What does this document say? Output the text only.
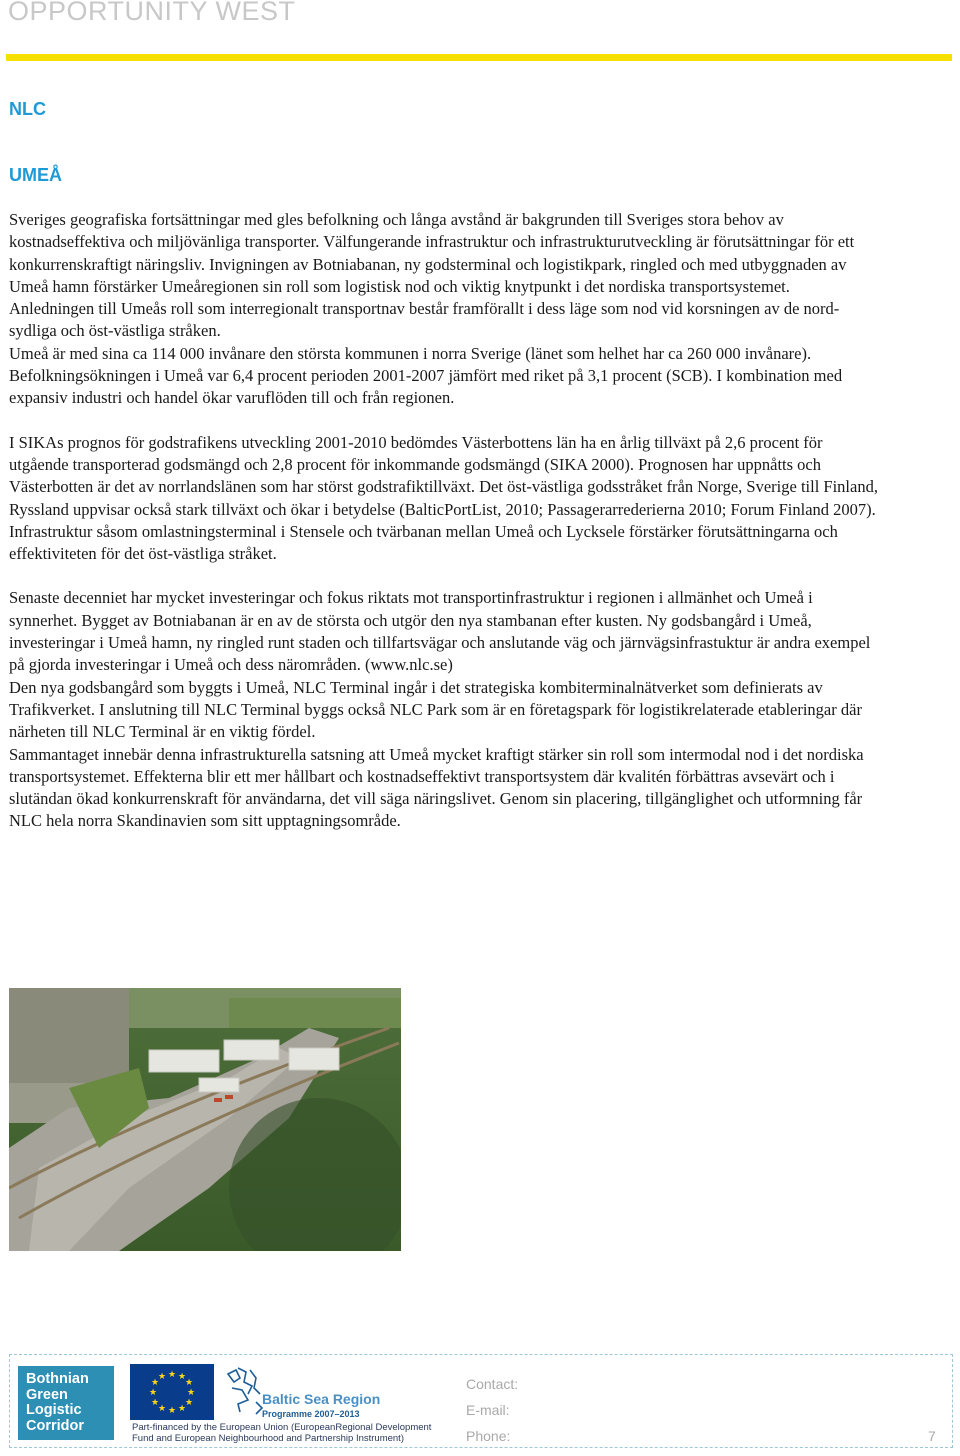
OPPORTUNITY WEST
NLC
UMEÅ

Sveriges geografiska fortsättningar med gles befolkning och långa avstånd är bakgrunden till Sveriges stora behov av kostnadseffektiva och miljövänliga transporter. Välfungerande infrastruktur och infrastrukturutveckling är förutsättningar för ett konkurrenskraftigt näringsliv. Invigningen av Botniabanan, ny godsterminal och logistikpark, ringled och med utbyggnaden av Umeå hamn förstärker Umeåregionen sin roll som logistisk nod och viktig knytpunkt i det nordiska transportsystemet.

Anledningen till Umeås roll som interregionalt transportnav består framförallt i dess läge som nod vid korsningen av de nord-sydliga och öst-västliga stråken.

Umeå är med sina ca 114 000 invånare den största kommunen i norra Sverige (länet som helhet har ca 260 000 invånare). Befolkningsökningen i Umeå var 6,4 procent perioden 2001-2007 jämfört med riket på 3,1 procent (SCB). I kombination med expansiv industri och handel ökar varuflöden till och från regionen.

I SIKAs prognos för godstrafikens utveckling 2001-2010 bedömdes Västerbottens län ha en årlig tillväxt på 2,6 procent för utgående transporterad godsmängd och 2,8 procent för inkommande godsmängd (SIKA 2000). Prognosen har uppnåtts och Västerbotten är det av norrlandslänen som har störst godstrafiktillväxt. Det öst-västliga godsstråket från Norge, Sverige till Finland, Ryssland uppvisar också stark tillväxt och ökar i betydelse (BalticPortList, 2010; Passagerarrederierna 2010; Forum Finland 2007). Infrastruktur såsom omlastningsterminal i Stensele och tvärbanan mellan Umeå och Lycksele förstärker förutsättningarna och effektiviteten för det öst-västliga stråket.

Senaste decenniet har mycket investeringar och fokus riktats mot transportinfrastruktur i regionen i allmänhet och Umeå i synnerhet. Bygget av Botniabanan är en av de största och utgör den nya stambanan efter kusten. Ny godsbangård i Umeå, investeringar i Umeå hamn, ny ringled runt staden och tillfartsvägar och anslutande väg och järnvägsinfrastuktur är andra exempel på gjorda investeringar i Umeå och dess närområden. (www.nlc.se)

Den nya godsbangård som byggts i Umeå, NLC Terminal ingår i det strategiska kombiterminalnätverket som definierats av Trafikverket. I anslutning till NLC Terminal byggs också NLC Park som är en företagspark för logistikrelaterade etableringar där närheten till NLC Terminal är en viktig fördel.

Sammantaget innebär denna infrastrukturella satsning att Umeå mycket kraftigt stärker sin roll som intermodal nod i det nordiska transportsystemet. Effekterna blir ett mer hållbart och kostnadseffektivt transportsystem där kvalitén förbättras avsevärt och i slutändan ökad konkurrenskraft för användarna, det vill säga näringslivet. Genom sin placering, tillgänglighet och utformning får NLC hela norra Skandinavien som sitt upptagningsområde.

Bothnian
Green
Logistic
Corridor
★ ★
★
★
★
★
★
★
★
★
★
★
Baltic Sea Region
Programme 2007–2013
Part-financed by the European Union (EuropeanRegional Development Fund and European Neighbourhood and Partnership Instrument)
Contact:
E-mail:
Phone:	7
